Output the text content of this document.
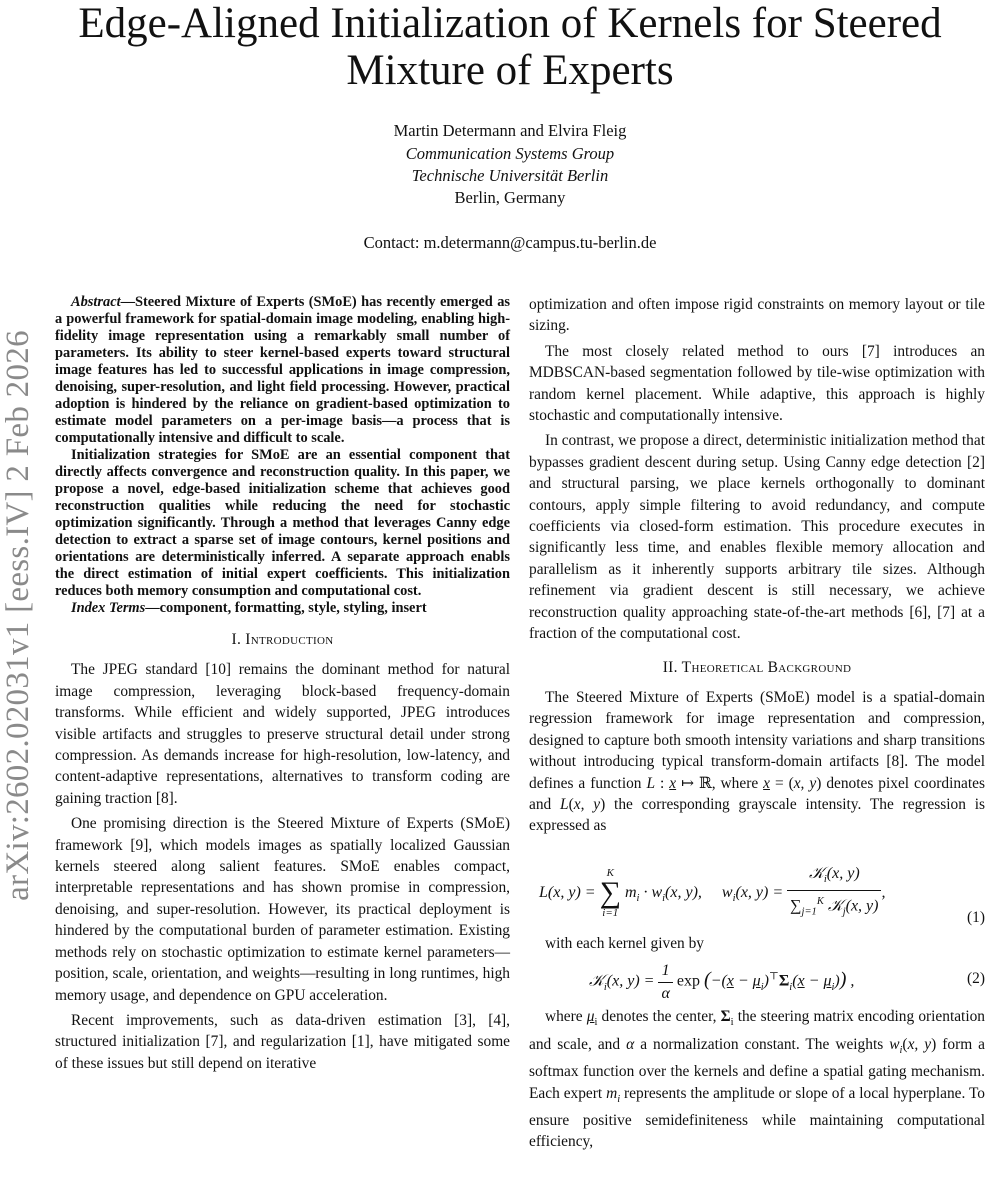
arXiv:2602.02031v1 [eess.IV] 2 Feb 2026
Edge-Aligned Initialization of Kernels for Steered
Mixture of Experts
Martin Determann and Elvira Fleig
Communication Systems Group
Technische Universität Berlin
Berlin, Germany
Contact: m.determann@campus.tu-berlin.de

Abstract—Steered Mixture of Experts (SMoE) has recently emerged as a powerful framework for spatial-domain image modeling, enabling high-fidelity image representation using a remarkably small number of parameters. Its ability to steer kernel-based experts toward structural image features has led to successful applications in image compression, denoising, super-resolution, and light field processing. However, practical adoption is hindered by the reliance on gradient-based optimization to estimate model parameters on a per-image basis—a process that is computationally intensive and difficult to scale.

Initialization strategies for SMoE are an essential component that directly affects convergence and reconstruction quality. In this paper, we propose a novel, edge-based initialization scheme that achieves good reconstruction qualities while reducing the need for stochastic optimization significantly. Through a method that leverages Canny edge detection to extract a sparse set of image contours, kernel positions and orientations are deterministically inferred. A separate approach enabls the direct estimation of initial expert coefficients. This initialization reduces both memory consumption and computational cost.

Index Terms—component, formatting, style, styling, insert

I. Introduction

The JPEG standard [10] remains the dominant method for natural image compression, leveraging block-based frequency-domain transforms. While efficient and widely supported, JPEG introduces visible artifacts and struggles to preserve structural detail under strong compression. As demands increase for high-resolution, low-latency, and content-adaptive representations, alternatives to transform coding are gaining traction [8].

One promising direction is the Steered Mixture of Experts (SMoE) framework [9], which models images as spatially localized Gaussian kernels steered along salient features. SMoE enables compact, interpretable representations and has shown promise in compression, denoising, and super-resolution. However, its practical deployment is hindered by the computational burden of parameter estimation. Existing methods rely on stochastic optimization to estimate kernel parameters—position, scale, orientation, and weights—resulting in long runtimes, high memory usage, and dependence on GPU acceleration.

Recent improvements, such as data-driven estimation [3], [4], structured initialization [7], and regularization [1], have mitigated some of these issues but still depend on iterative

optimization and often impose rigid constraints on memory layout or tile sizing.

The most closely related method to ours [7] introduces an MDBSCAN-based segmentation followed by tile-wise optimization with random kernel placement. While adaptive, this approach is highly stochastic and computationally intensive.

In contrast, we propose a direct, deterministic initialization method that bypasses gradient descent during setup. Using Canny edge detection [2] and structural parsing, we place kernels orthogonally to dominant contours, apply simple filtering to avoid redundancy, and compute coefficients via closed-form estimation. This procedure executes in significantly less time, and enables flexible memory allocation and parallelism as it inherently supports arbitrary tile sizes. Although refinement via gradient descent is still necessary, we achieve reconstruction quality approaching state-of-the-art methods [6], [7] at a fraction of the computational cost.

II. Theoretical Background

The Steered Mixture of Experts (SMoE) model is a spatial-domain regression framework for image representation and compression, designed to capture both smooth intensity variations and sharp transitions without introducing typical transform-domain artifacts [8]. The model defines a function L : x ↦ ℝ, where x = (x, y) denotes pixel coordinates and L(x, y) the corresponding grayscale intensity. The regression is expressed as

L(x, y) =
K
∑
i=1
$m_i \cdot w_i(x$, y),     $w_i(x$, $y) = \frac{𝒦_i(x, y)}{\sum_{j=1}^K 𝒦_j(x, y)}$ ,
(1)

with each kernel given by

𝒦$_i$(x, $y) = \frac{1}{\alpha}$ $\exp (-(x - \mu_i)^⊤\Sigma_i(x - \mu_i))$ ,	(2)

where $\mu_i$ denotes the center, $\Sigma_i$ the steering matrix encoding orientation and scale, and α a normalization constant. The weights $w_i(x$, y) form a softmax function over the kernels and define a spatial gating mechanism. Each expert $m_i$ represents the amplitude or slope of a local hyperplane. To ensure positive semidefiniteness while maintaining computational efficiency,
